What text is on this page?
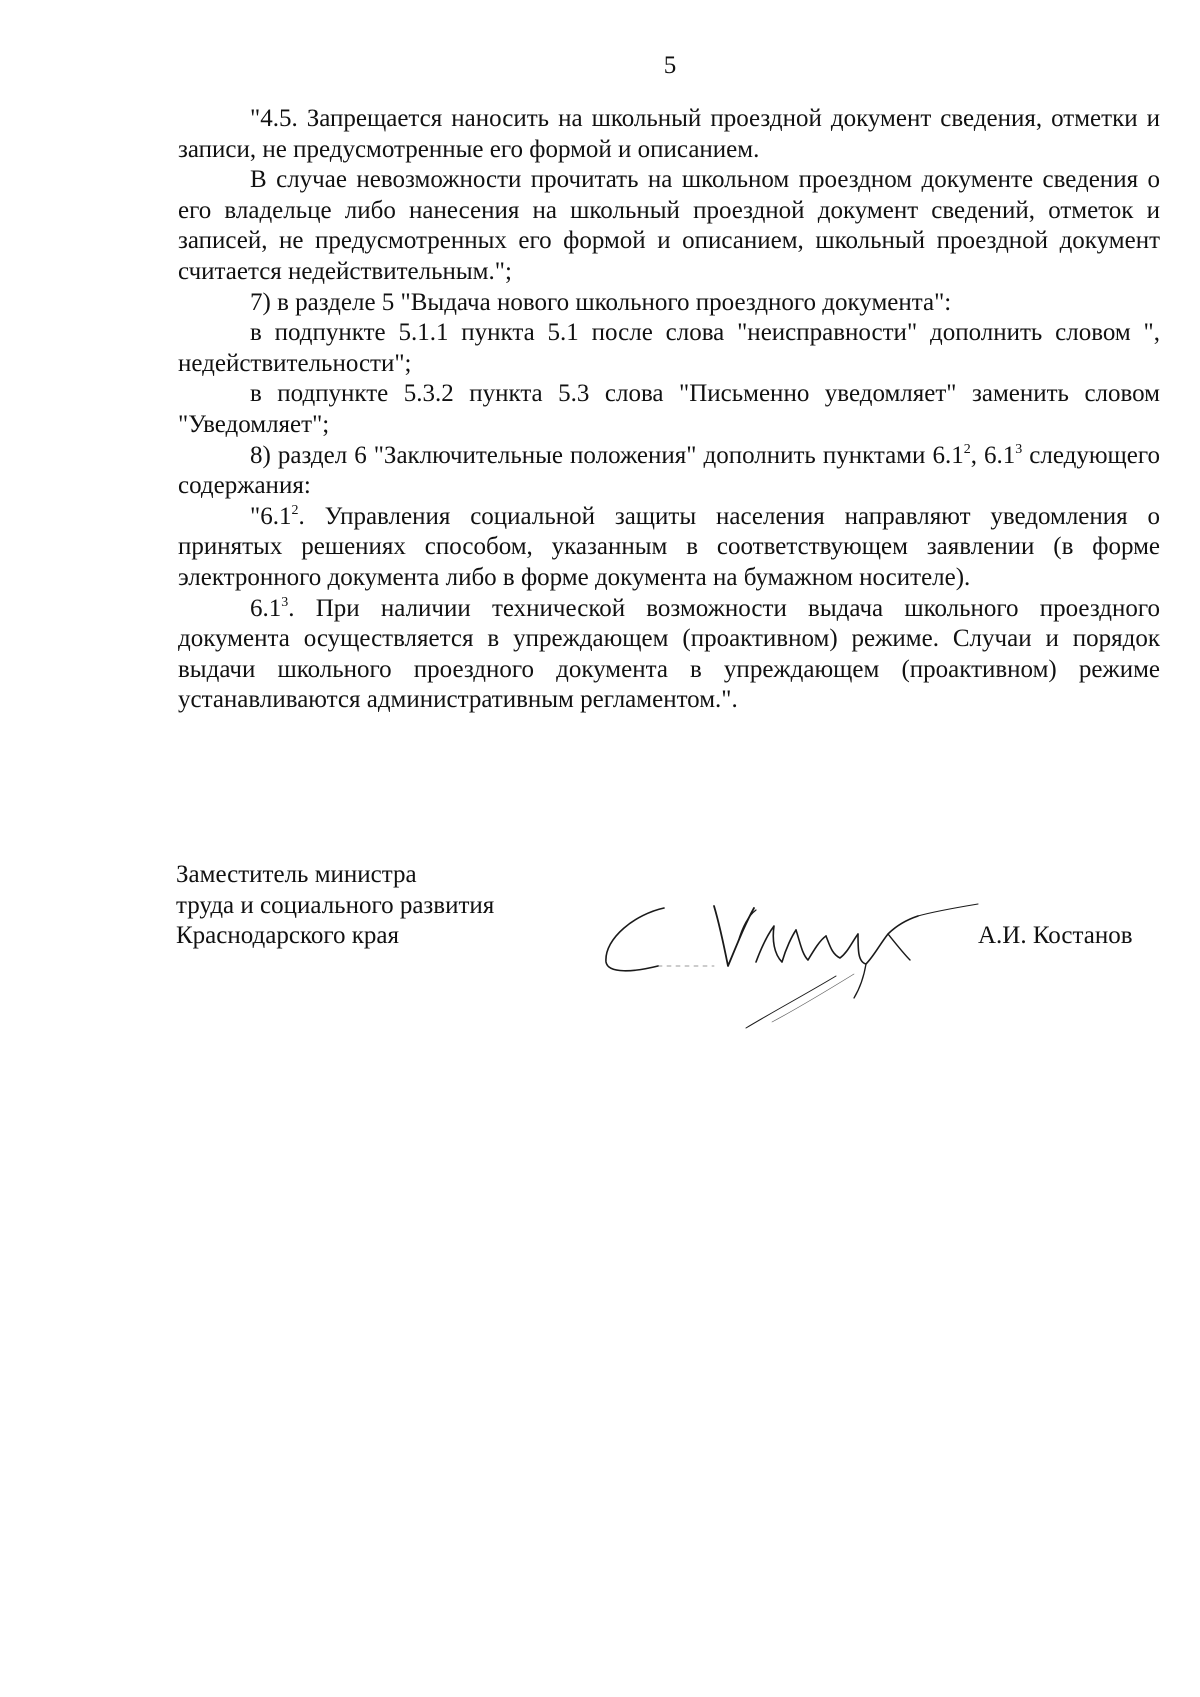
5

"4.5. Запрещается наносить на школьный проездной документ сведения, отметки и записи, не предусмотренные его формой и описанием.

В случае невозможности прочитать на школьном проездном документе сведения о его владельце либо нанесения на школьный проездной документ сведений, отметок и записей, не предусмотренных его формой и описанием, школьный проездной документ считается недействительным.";

7) в разделе 5 "Выдача нового школьного проездного документа":

в подпункте 5.1.1 пункта 5.1 после слова "неисправности" дополнить словом ", недействительности";

в подпункте 5.3.2 пункта 5.3 слова "Письменно уведомляет" заменить словом "Уведомляет";

8) раздел 6 "Заключительные положения" дополнить пунктами $6.1^2$, $6.1^3$ следующего содержания:

"$6.1^2$. Управления социальной защиты населения направляют уведомления о принятых решениях способом, указанным в соответствующем заявлении (в форме электронного документа либо в форме документа на бумажном носителе).

$6.1^3$. При наличии технической возможности выдача школьного проездного документа осуществляется в упреждающем (проактивном) режиме. Случаи и порядок выдачи школьного проездного документа в упреждающем (проактивном) режиме устанавливаются административным регламентом.".

Заместитель министра
труда и социального развития
Краснодарского края	А.И. Костанов
